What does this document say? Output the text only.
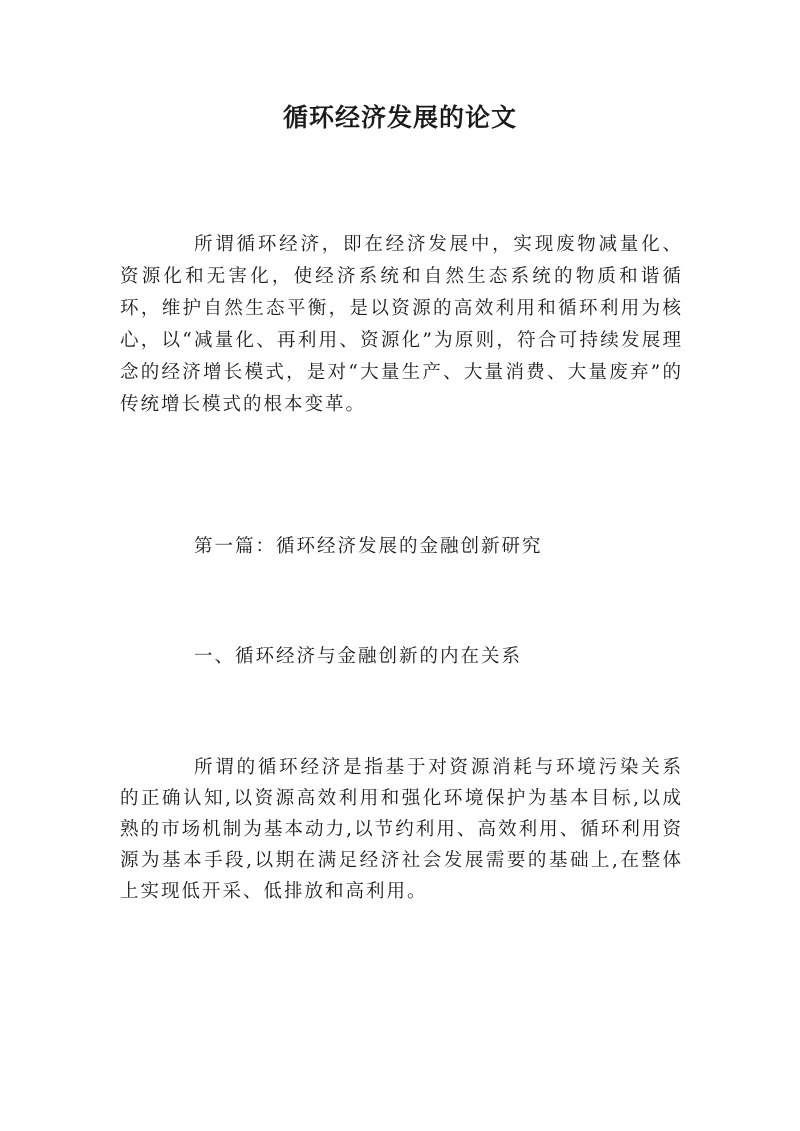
循环经济发展的论文

所谓循环经济，即在经济发展中，实现废物减量化、资源化和无害化，使经济系统和自然生态系统的物质和谐循环，维护自然生态平衡，是以资源的高效利用和循环利用为核心，以“减量化、再利用、资源化”为原则，符合可持续发展理念的经济增长模式，是对“大量生产、大量消费、大量废弃”的传统增长模式的根本变革。

第一篇：循环经济发展的金融创新研究

一、循环经济与金融创新的内在关系

所谓的循环经济是指基于对资源消耗与环境污染关系的正确认知,以资源高效利用和强化环境保护为基本目标,以成熟的市场机制为基本动力,以节约利用、高效利用、循环利用资源为基本手段,以期在满足经济社会发展需要的基础上,在整体上实现低开采、低排放和高利用。
